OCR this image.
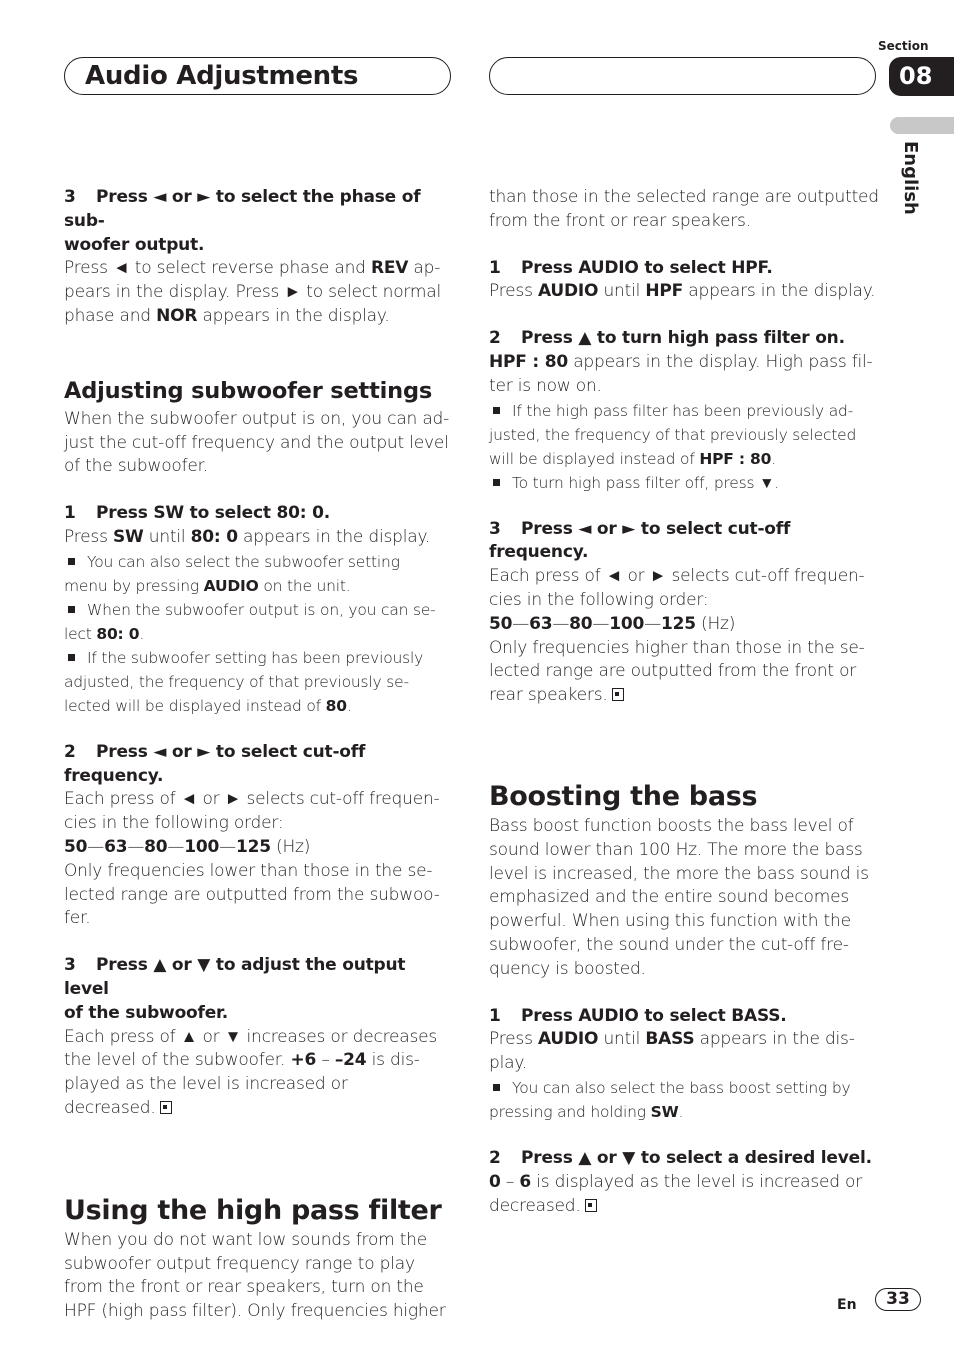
Audio Adjustments
Section
08
English

3 Press ◄ or ► to select the phase of sub-

woofer output.

Press ◄ to select reverse phase and REV ap-

pears in the display. Press ► to select normal

phase and NOR appears in the display.

Adjusting subwoofer settings

When the subwoofer output is on, you can ad-

just the cut-off frequency and the output level

of the subwoofer.

1 Press SW to select 80: 0.

Press SW until 80: 0 appears in the display.

You can also select the subwoofer setting

menu by pressing AUDIO on the unit.

When the subwoofer output is on, you can se-

lect 80: 0.

If the subwoofer setting has been previously

adjusted, the frequency of that previously se-

lected will be displayed instead of 80.

2 Press ◄ or ► to select cut-off frequency.

Each press of ◄ or ► selects cut-off frequen-

cies in the following order:

50—63—80—100—125 (Hz)

Only frequencies lower than those in the se-

lected range are outputted from the subwoo-

fer.

3 Press ▲ or ▼ to adjust the output level

of the subwoofer.

Each press of ▲ or ▼ increases or decreases

the level of the subwoofer. +6 – –24 is dis-

played as the level is increased or

decreased.

Using the high pass filter

When you do not want low sounds from the

subwoofer output frequency range to play

from the front or rear speakers, turn on the

HPF (high pass filter). Only frequencies higher

than those in the selected range are outputted

from the front or rear speakers.

1 Press AUDIO to select HPF.

Press AUDIO until HPF appears in the display.

2 Press ▲ to turn high pass filter on.

HPF : 80 appears in the display. High pass fil-

ter is now on.

If the high pass filter has been previously ad-

justed, the frequency of that previously selected

will be displayed instead of HPF : 80.

To turn high pass filter off, press ▼.

3 Press ◄ or ► to select cut-off frequency.

Each press of ◄ or ► selects cut-off frequen-

cies in the following order:

50—63—80—100—125 (Hz)

Only frequencies higher than those in the se-

lected range are outputted from the front or

rear speakers.

Boosting the bass

Bass boost function boosts the bass level of

sound lower than 100 Hz. The more the bass

level is increased, the more the bass sound is

emphasized and the entire sound becomes

powerful. When using this function with the

subwoofer, the sound under the cut-off fre-

quency is boosted.

1 Press AUDIO to select BASS.

Press AUDIO until BASS appears in the dis-

play.

You can also select the bass boost setting by

pressing and holding SW.

2 Press ▲ or ▼ to select a desired level.

0 – 6 is displayed as the level is increased or

decreased.

En	33
